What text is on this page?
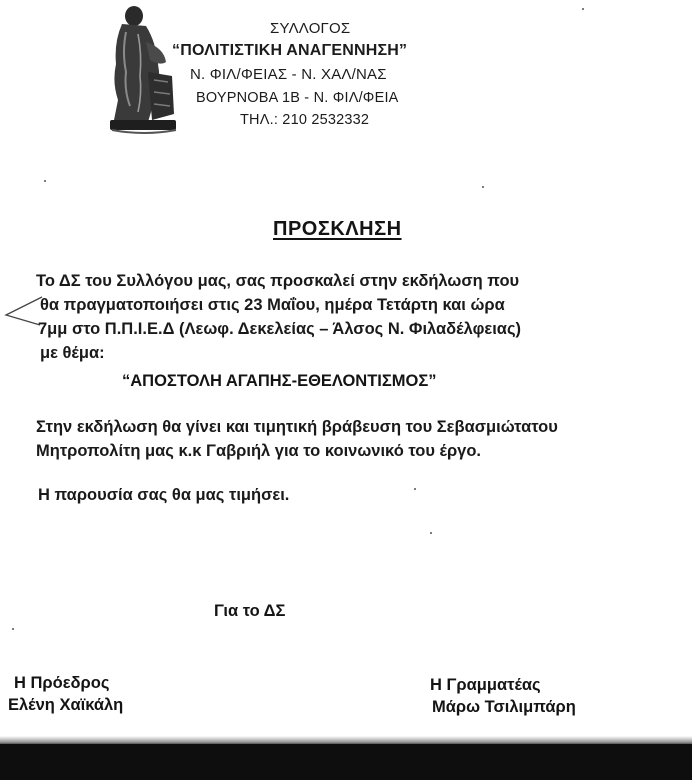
ΣΥΛΛΟΓΟΣ
“ΠΟΛΙΤΙΣΤΙΚΗ ΑΝΑΓΕΝΝΗΣΗ”
Ν. ΦΙΛ/ΦΕΙΑΣ - Ν. ΧΑΛ/ΝΑΣ
ΒΟΥΡΝΟΒΑ 1Β - Ν. ΦΙΛ/ΦΕΙΑ
ΤΗΛ.: 210 2532332
ΠΡΟΣΚΛΗΣΗ
Το ΔΣ του Συλλόγου μας, σας προσκαλεί στην εκδήλωση που
θα πραγματοποιήσει στις 23 Μαΐου, ημέρα Τετάρτη και ώρα
7μμ στο Π.Π.Ι.Ε.Δ (Λεωφ. Δεκελείας – Άλσος Ν. Φιλαδέλφειας)
με θέμα:
“ΑΠΟΣΤΟΛΗ ΑΓΑΠΗΣ-ΕΘΕΛΟΝΤΙΣΜΟΣ”
Στην εκδήλωση θα γίνει και τιμητική βράβευση του Σεβασμιώτατου
Μητροπολίτη μας κ.κ Γαβριήλ για το κοινωνικό του έργο.
Η παρουσία σας θα μας τιμήσει.
Για το ΔΣ
Η Πρόεδρος
Ελένη Χαϊκάλη
Η Γραμματέας
Μάρω Τσιλιμπάρη
